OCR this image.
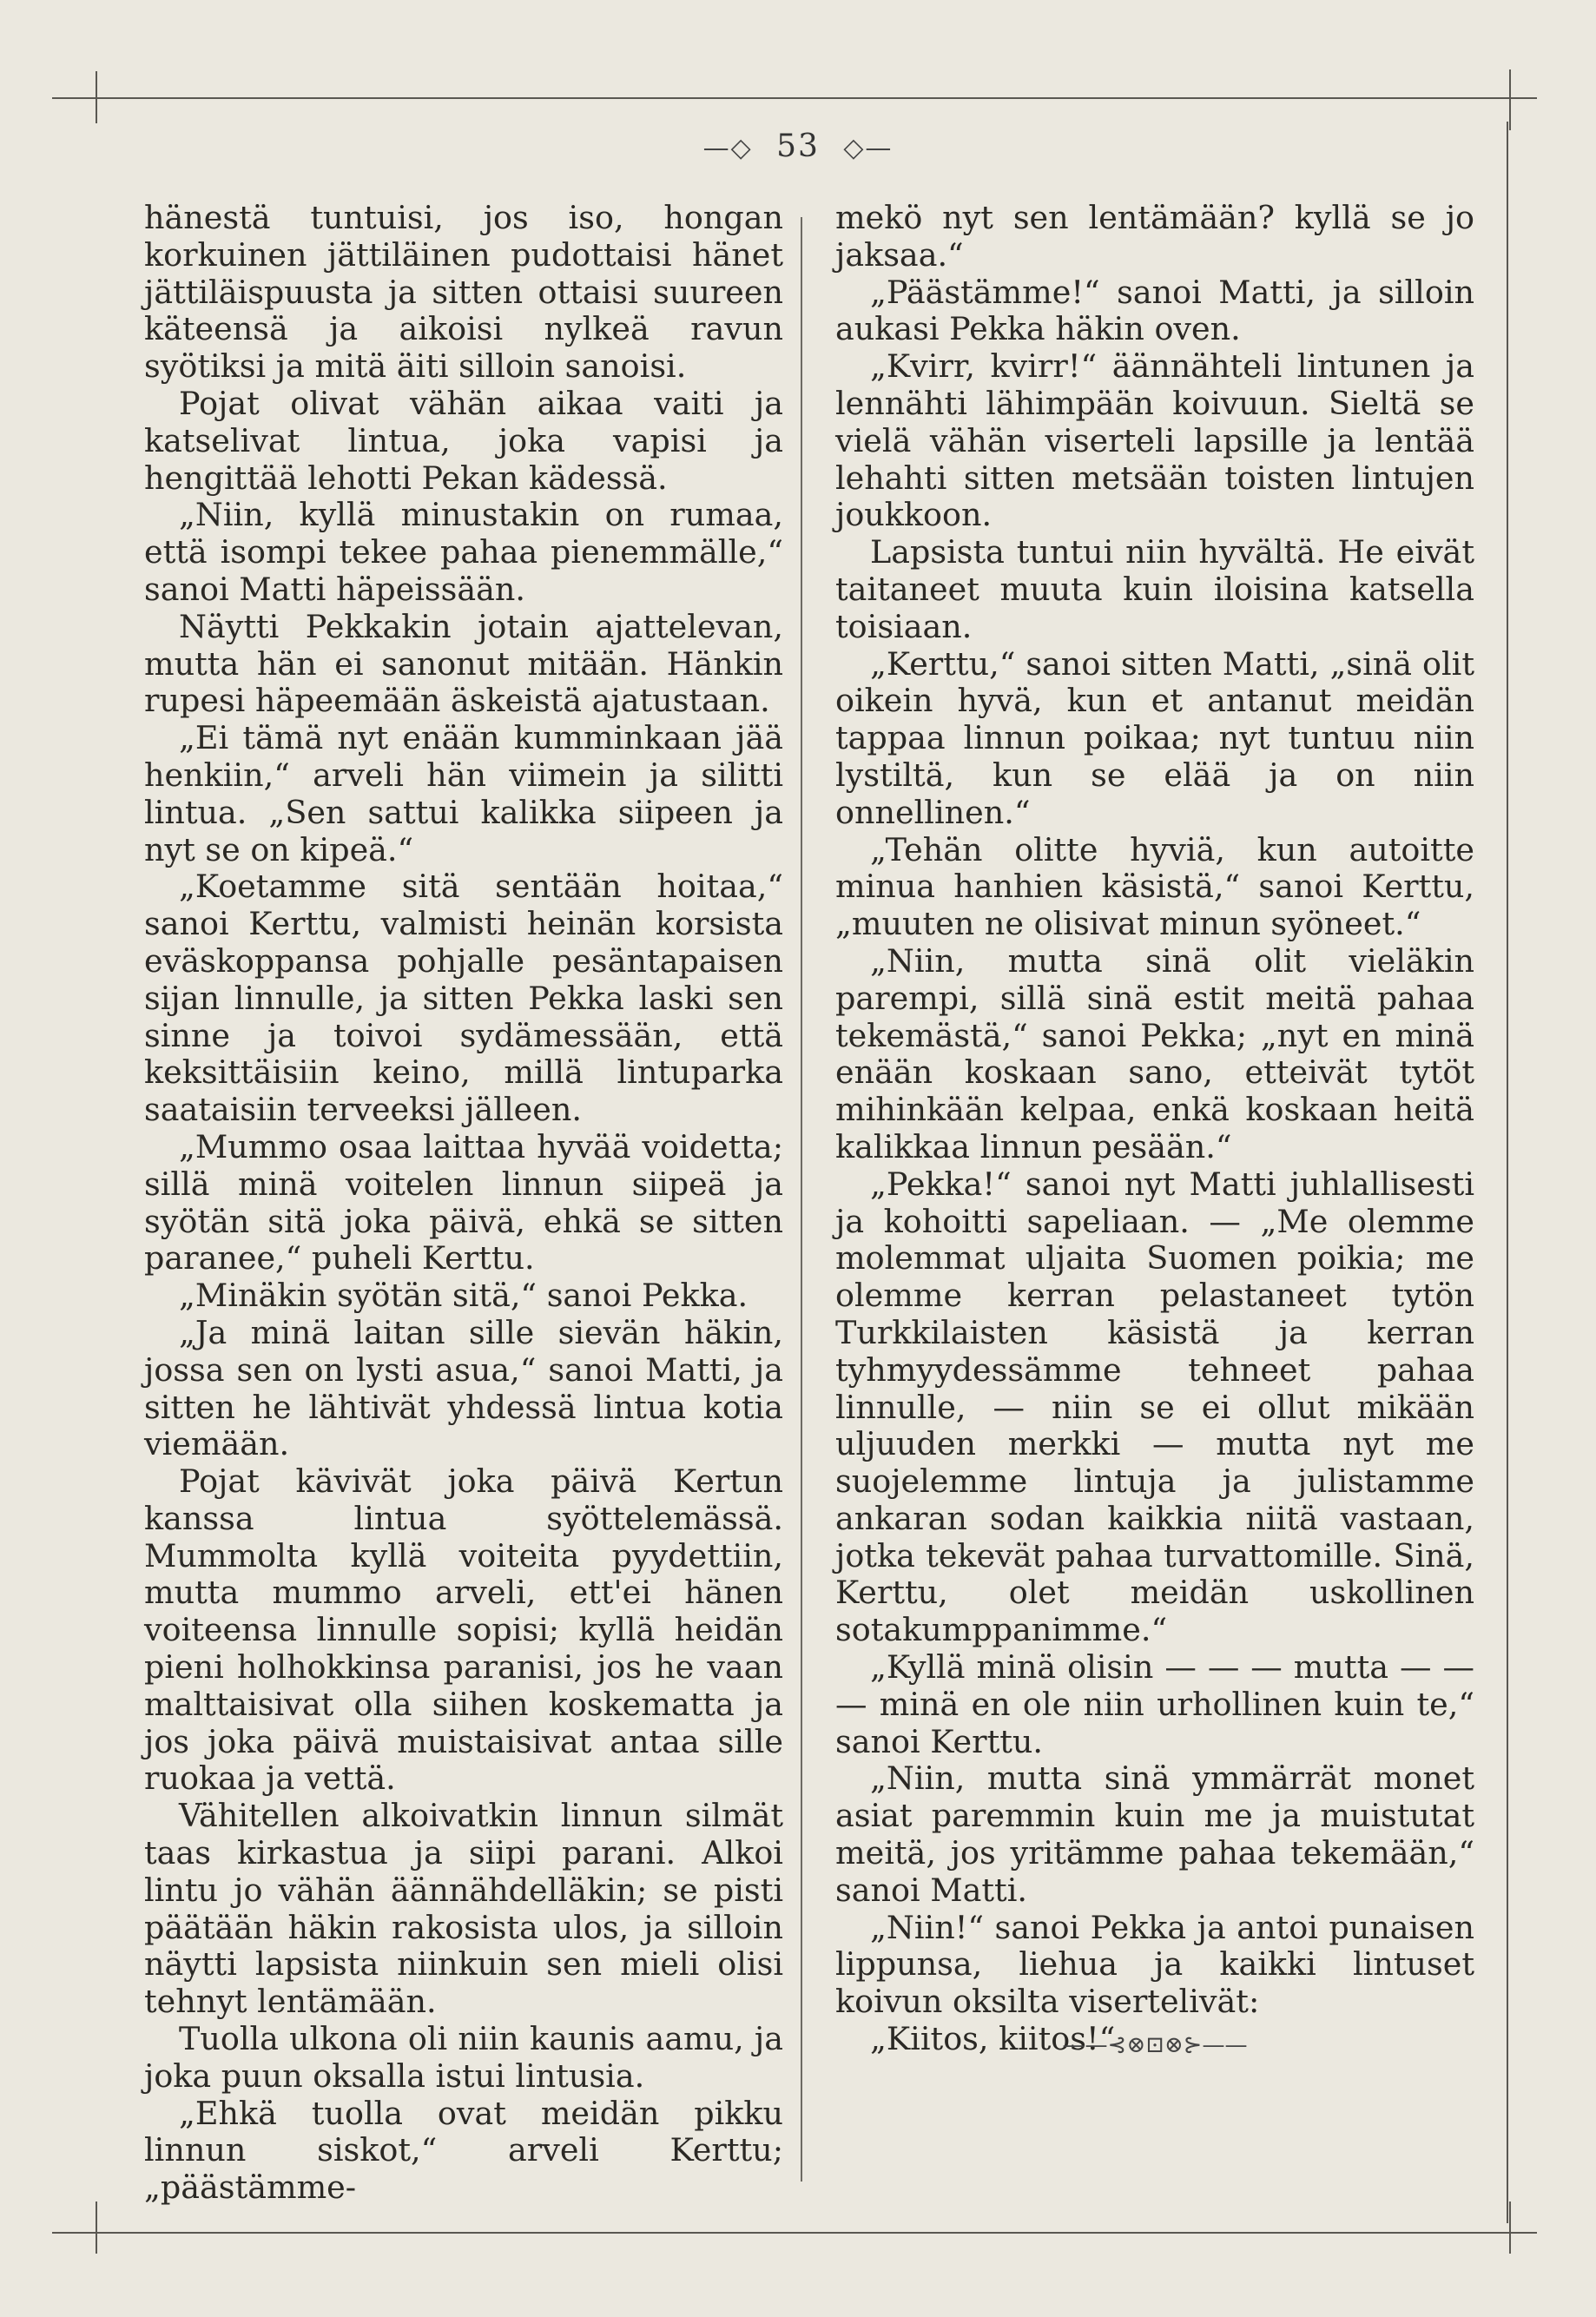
—◇ 53 ◇—

hänestä tuntuisi, jos iso, hongan korkuinen jättiläinen pudottaisi hänet jättiläispuusta ja sitten ottaisi suureen käteensä ja aikoisi nylkeä ravun syötiksi ja mitä äiti silloin sanoisi.

Pojat olivat vähän aikaa vaiti ja katselivat lintua, joka vapisi ja hengittää lehotti Pekan kädessä.

„Niin, kyllä minustakin on rumaa, että isompi tekee pahaa pienemmälle,“ sanoi Matti häpeissään.

Näytti Pekkakin jotain ajattelevan, mutta hän ei sanonut mitään. Hänkin rupesi häpeemään äskeistä ajatustaan.

„Ei tämä nyt enään kumminkaan jää henkiin,“ arveli hän viimein ja silitti lintua. „Sen sattui kalikka siipeen ja nyt se on kipeä.“

„Koetamme sitä sentään hoitaa,“ sanoi Kerttu, valmisti heinän korsista eväskoppansa pohjalle pesäntapaisen sijan linnulle, ja sitten Pekka laski sen sinne ja toivoi sydämessään, että keksittäisiin keino, millä lintuparka saataisiin terveeksi jälleen.

„Mummo osaa laittaa hyvää voidetta; sillä minä voitelen linnun siipeä ja syötän sitä joka päivä, ehkä se sitten paranee,“ puheli Kerttu.

„Minäkin syötän sitä,“ sanoi Pekka.

„Ja minä laitan sille sievän häkin, jossa sen on lysti asua,“ sanoi Matti, ja sitten he lähtivät yhdessä lintua kotia viemään.

Pojat kävivät joka päivä Kertun kanssa lintua syöttelemässä. Mummolta kyllä voiteita pyydettiin, mutta mummo arveli, ett'ei hänen voiteensa linnulle sopisi; kyllä heidän pieni holhokkinsa paranisi, jos he vaan malttaisivat olla siihen koskematta ja jos joka päivä muistaisivat antaa sille ruokaa ja vettä.

Vähitellen alkoivatkin linnun silmät taas kirkastua ja siipi parani. Alkoi lintu jo vähän äännähdelläkin; se pisti päätään häkin rakosista ulos, ja silloin näytti lapsista niinkuin sen mieli olisi tehnyt lentämään.

Tuolla ulkona oli niin kaunis aamu, ja joka puun oksalla istui lintusia.

„Ehkä tuolla ovat meidän pikku linnun siskot,“ arveli Kerttu; „päästämme-

mekö nyt sen lentämään? kyllä se jo jaksaa.“

„Päästämme!“ sanoi Matti, ja silloin aukasi Pekka häkin oven.

„Kvirr, kvirr!“ äännähteli lintunen ja lennähti lähimpään koivuun. Sieltä se vielä vähän viserteli lapsille ja lentää lehahti sitten metsään toisten lintujen joukkoon.

Lapsista tuntui niin hyvältä. He eivät taitaneet muuta kuin iloisina katsella toisiaan.

„Kerttu,“ sanoi sitten Matti, „sinä olit oikein hyvä, kun et antanut meidän tappaa linnun poikaa; nyt tuntuu niin lystiltä, kun se elää ja on niin onnellinen.“

„Tehän olitte hyviä, kun autoitte minua hanhien käsistä,“ sanoi Kerttu, „muuten ne olisivat minun syöneet.“

„Niin, mutta sinä olit vieläkin parempi, sillä sinä estit meitä pahaa tekemästä,“ sanoi Pekka; „nyt en minä enään koskaan sano, etteivät tytöt mihinkään kelpaa, enkä koskaan heitä kalikkaa linnun pesään.“

„Pekka!“ sanoi nyt Matti juhlallisesti ja kohoitti sapeliaan. — „Me olemme molemmat uljaita Suomen poikia; me olemme kerran pelastaneet tytön Turkkilaisten käsistä ja kerran tyhmyydessämme tehneet pahaa linnulle, — niin se ei ollut mikään uljuuden merkki — mutta nyt me suojelemme lintuja ja julistamme ankaran sodan kaikkia niitä vastaan, jotka tekevät pahaa turvattomille. Sinä, Kerttu, olet meidän uskollinen sotakumppanimme.“

„Kyllä minä olisin — — — mutta — — — minä en ole niin urhollinen kuin te,“ sanoi Kerttu.

„Niin, mutta sinä ymmärrät monet asiat paremmin kuin me ja muistutat meitä, jos yritämme pahaa tekemään,“ sanoi Matti.

„Niin!“ sanoi Pekka ja antoi punaisen lippunsa, liehua ja kaikki lintuset koivun oksilta visertelivät:

„Kiitos, kiitos!“

——⊰⊗⊡⊗⊱——
